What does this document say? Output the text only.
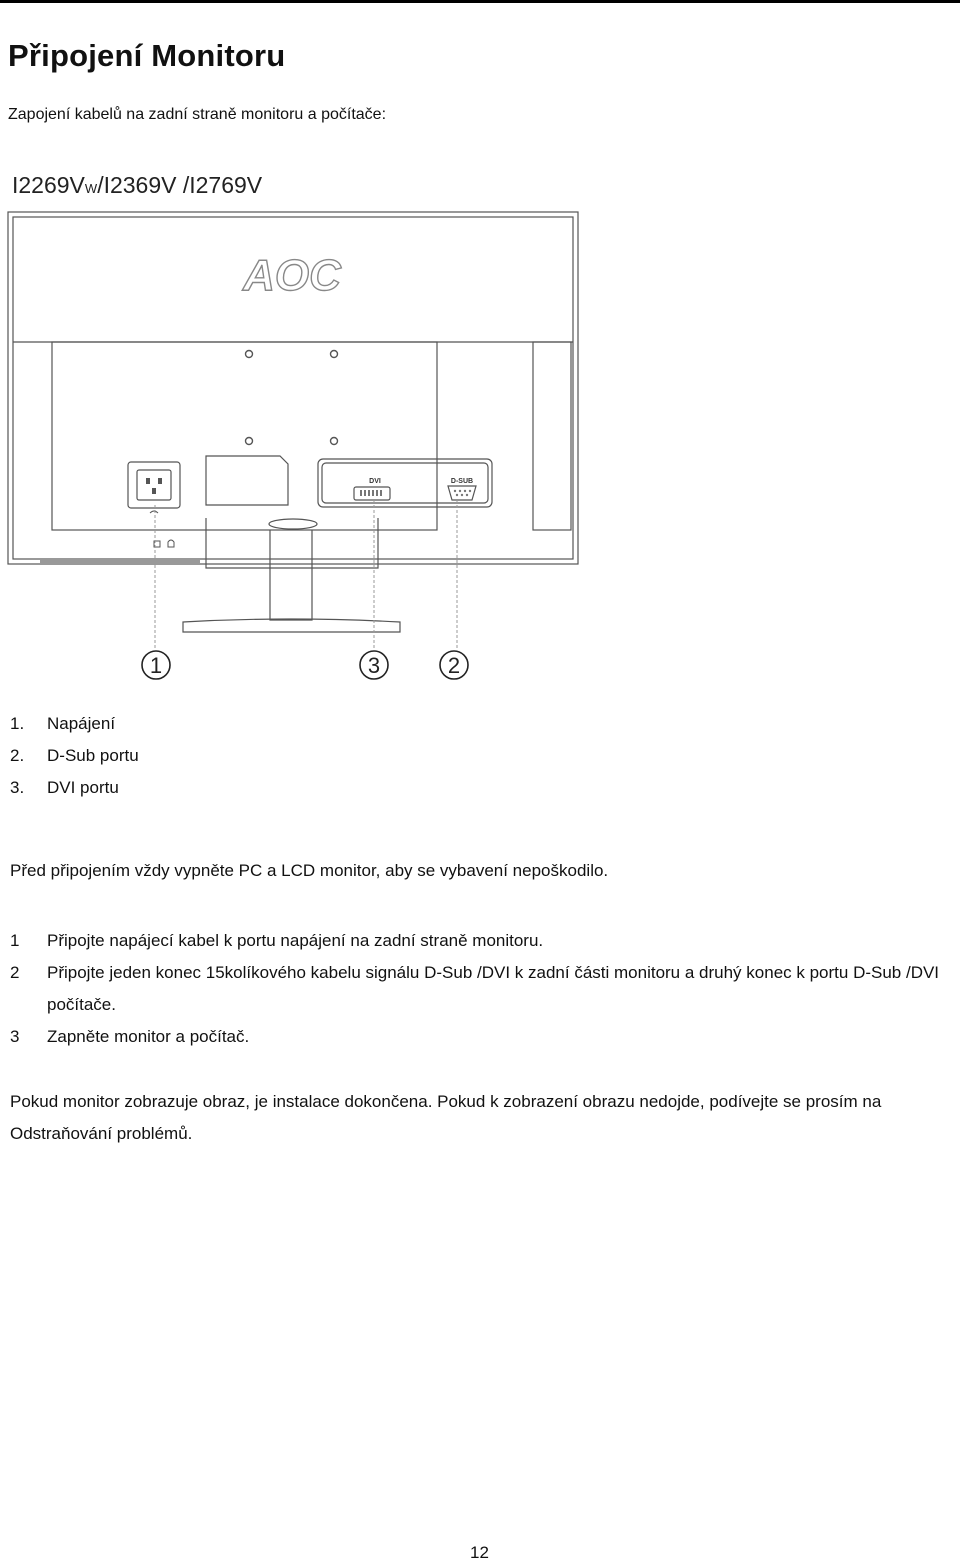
Připojení Monitoru
Zapojení kabelů na zadní straně monitoru a počítače:
I2269VW/I2369V /I2769V
AOC
DVI	D-SUB
1	3	2
1.	Napájení
2.	D-Sub portu
3.	DVI portu
Před připojením vždy vypněte PC a LCD monitor, aby se vybavení nepoškodilo.
1	Připojte napájecí kabel k portu napájení na zadní straně monitoru.
2	Připojte jeden konec 15kolíkového kabelu signálu D-Sub /DVI k zadní části monitoru a druhý konec k portu D-Sub /DVI počítače.
3	Zapněte monitor a počítač.
Pokud monitor zobrazuje obraz, je instalace dokončena. Pokud k zobrazení obrazu nedojde, podívejte se prosím na Odstraňování problémů.
12
